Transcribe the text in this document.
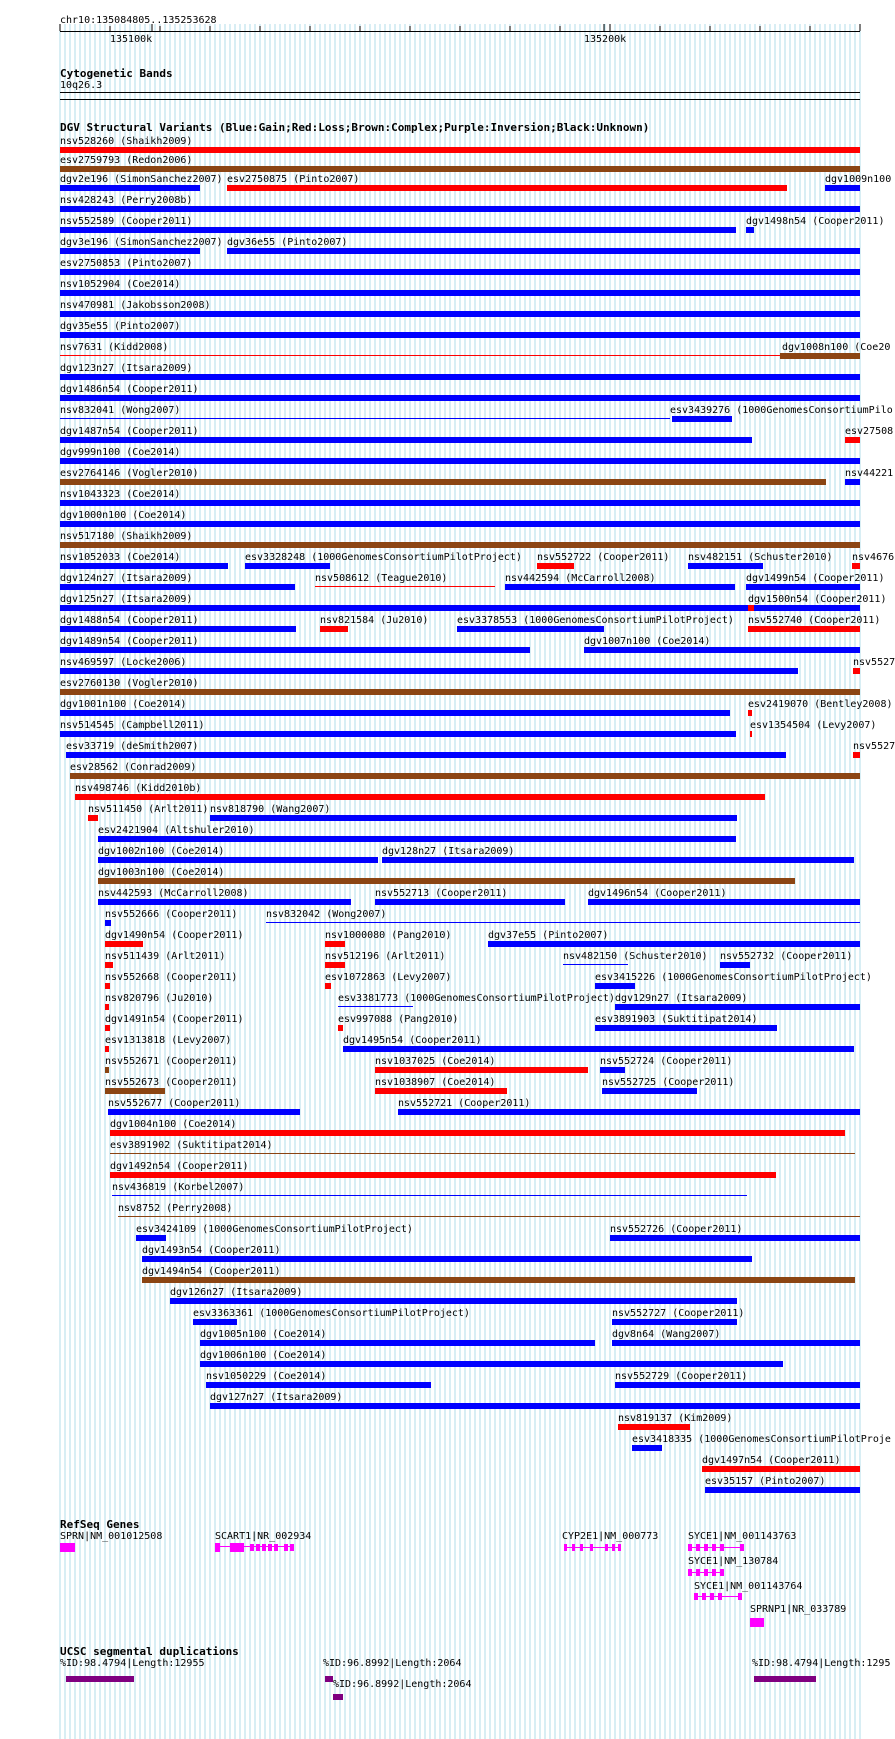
chr10:135084805..135253628
135100k	135200k
Cytogenetic Bands
10q26.3
DGV Structural Variants (Blue:Gain;Red:Loss;Brown:Complex;Purple:Inversion;Black:Unknown)
nsv528260 (Shaikh2009)
esv2759793 (Redon2006)
dgv2e196 (SimonSanchez2007) esv2750875 (Pinto2007)	dgv1009n100
nsv428243 (Perry2008b)
nsv552589 (Cooper2011)	dgv1498n54 (Cooper2011)
dgv3e196 (SimonSanchez2007) dgv36e55 (Pinto2007)
esv2750853 (Pinto2007)
nsv1052904 (Coe2014)
nsv470981 (Jakobsson2008)
dgv35e55 (Pinto2007)
nsv7631 (Kidd2008)	dgv1008n100 (Coe20
dgv123n27 (Itsara2009)
dgv1486n54 (Cooper2011)
nsv832041 (Wong2007)	esv3439276 (1000GenomesConsortiumPilo
dgv1487n54 (Cooper2011)	esv27508
dgv999n100 (Coe2014)
esv2764146 (Vogler2010)	nsv44221
nsv1043323 (Coe2014)
dgv1000n100 (Coe2014)
nsv517180 (Shaikh2009)
nsv1052033 (Coe2014)	esv3328248 (1000GenomesConsortiumPilotProject) nsv552722 (Cooper2011) nsv482151 (Schuster2010) nsv4676
dgv124n27 (Itsara2009)	nsv508612 (Teague2010)	nsv442594 (McCarroll2008)	dgv1499n54 (Cooper2011)
dgv125n27 (Itsara2009)	dgv1500n54 (Cooper2011)
dgv1488n54 (Cooper2011)	nsv821584 (Ju2010)	esv3378553 (1000GenomesConsortiumPilotProject) nsv552740 (Cooper2011)
dgv1489n54 (Cooper2011)	dgv1007n100 (Coe2014)
nsv469597 (Locke2006)	nsv5527
esv2760130 (Vogler2010)
dgv1001n100 (Coe2014)	esv2419070 (Bentley2008)
nsv514545 (Campbell2011)	esv1354504 (Levy2007)
esv33719 (deSmith2007)	nsv5527
esv28562 (Conrad2009)
nsv498746 (Kidd2010b)
nsv511450 (Arlt2011) nsv818790 (Wang2007)
esv2421904 (Altshuler2010)
dgv1002n100 (Coe2014)	dgv128n27 (Itsara2009)
dgv1003n100 (Coe2014)
nsv442593 (McCarroll2008)	nsv552713 (Cooper2011)	dgv1496n54 (Cooper2011)
nsv552666 (Cooper2011)	nsv832042 (Wong2007)
dgv1490n54 (Cooper2011)	nsv1000080 (Pang2010)	dgv37e55 (Pinto2007)
nsv511439 (Arlt2011)	nsv512196 (Arlt2011)	nsv482150 (Schuster2010) nsv552732 (Cooper2011)
nsv552668 (Cooper2011)	esv1072863 (Levy2007)	esv3415226 (1000GenomesConsortiumPilotProject)
nsv820796 (Ju2010)	esv3381773 (1000GenomesConsortiumPilotProject) dgv129n27 (Itsara2009)
dgv1491n54 (Cooper2011)	esv997088 (Pang2010)	esv3891903 (Suktitipat2014)
esv1313818 (Levy2007)	dgv1495n54 (Cooper2011)
nsv552671 (Cooper2011)	nsv1037025 (Coe2014)	nsv552724 (Cooper2011)
nsv552673 (Cooper2011)	nsv1038907 (Coe2014)	nsv552725 (Cooper2011)
nsv552677 (Cooper2011)	nsv552721 (Cooper2011)
dgv1004n100 (Coe2014)
esv3891902 (Suktitipat2014)
dgv1492n54 (Cooper2011)
nsv436819 (Korbel2007)
nsv8752 (Perry2008)
esv3424109 (1000GenomesConsortiumPilotProject)	nsv552726 (Cooper2011)
dgv1493n54 (Cooper2011)
dgv1494n54 (Cooper2011)
dgv126n27 (Itsara2009)
esv3363361 (1000GenomesConsortiumPilotProject)	nsv552727 (Cooper2011)
dgv1005n100 (Coe2014)	dgv8n64 (Wang2007)
dgv1006n100 (Coe2014)
nsv1050229 (Coe2014)	nsv552729 (Cooper2011)
dgv127n27 (Itsara2009)
nsv819137 (Kim2009)
esv3418335 (1000GenomesConsortiumPilotProje
dgv1497n54 (Cooper2011)
esv35157 (Pinto2007)
RefSeq Genes
SPRN|NM_001012508	SCART1|NR_002934	CYP2E1|NM_000773	SYCE1|NM_001143763
SYCE1|NM_130784
SYCE1|NM_001143764
SPRNP1|NR_033789
UCSC segmental duplications
%ID:98.4794|Length:12955	%ID:96.8992|Length:2064
%ID:96.8992|Length:2064
%ID:98.4794|Length:1295
